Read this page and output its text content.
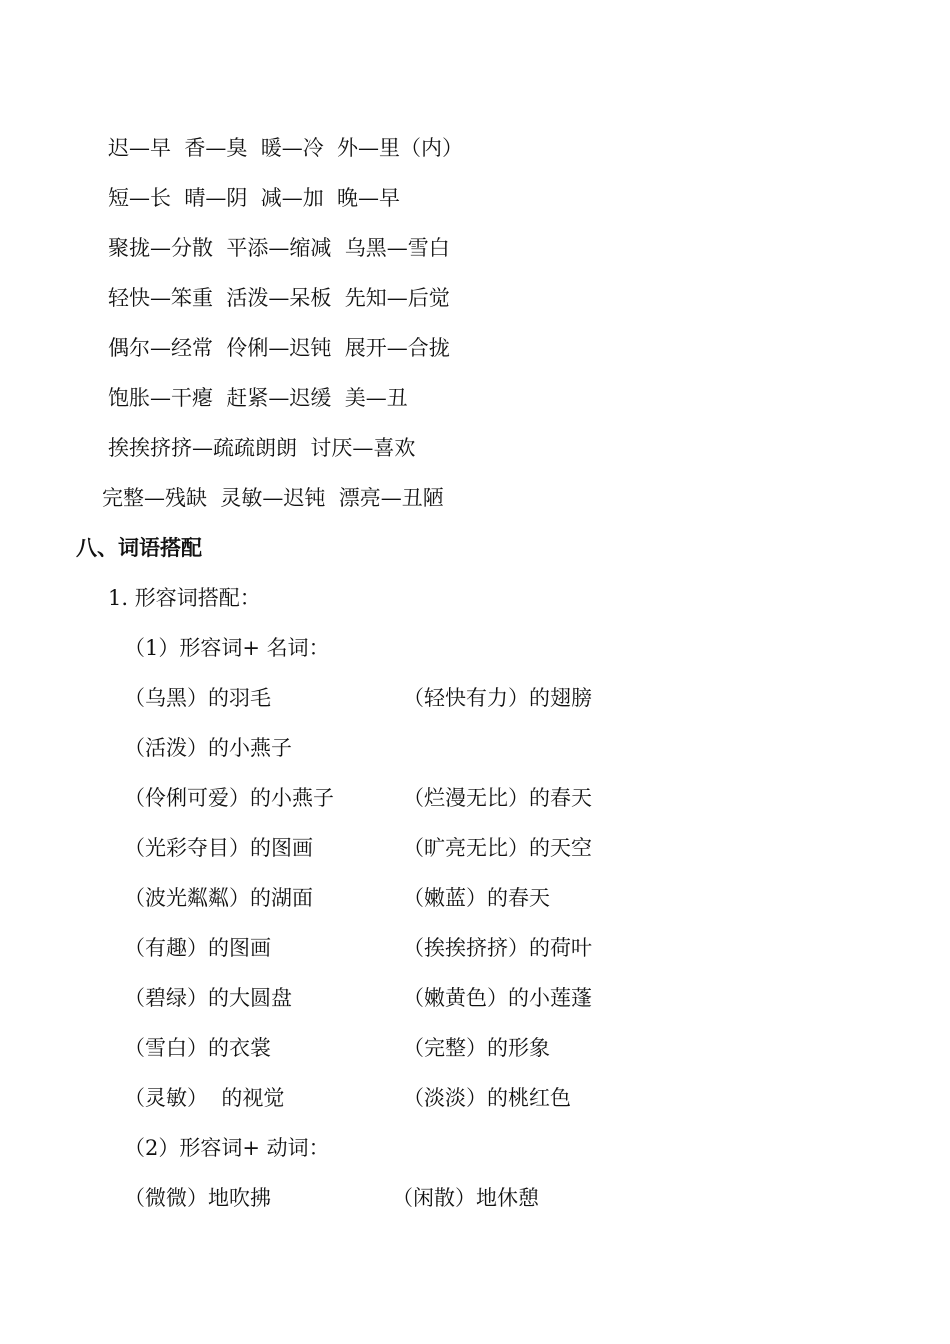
迟—早  香—臭  暖—冷  外—里（内）
短—长  晴—阴  减—加  晚—早
聚拢—分散  平添—缩减  乌黑—雪白
轻快—笨重  活泼—呆板  先知—后觉
偶尔—经常  伶俐—迟钝  展开—合拢
饱胀—干瘪  赶紧—迟缓  美—丑
挨挨挤挤—疏疏朗朗  讨厌—喜欢
完整—残缺  灵敏—迟钝  漂亮—丑陋
八、词语搭配
1. 形容词搭配：
（1）形容词+ 名词：
（乌黑）的羽毛	（轻快有力）的翅膀
（活泼）的小燕子
（伶俐可爱）的小燕子	（烂漫无比）的春天
（光彩夺目）的图画	（旷亮无比）的天空
（波光粼粼）的湖面	（嫩蓝）的春天
（有趣）的图画	（挨挨挤挤）的荷叶
（碧绿）的大圆盘	（嫩黄色）的小莲蓬
（雪白）的衣裳	（完整）的形象
（灵敏）  的视觉	（淡淡）的桃红色
（2）形容词+ 动词：
（微微）地吹拂	（闲散）地休憩
